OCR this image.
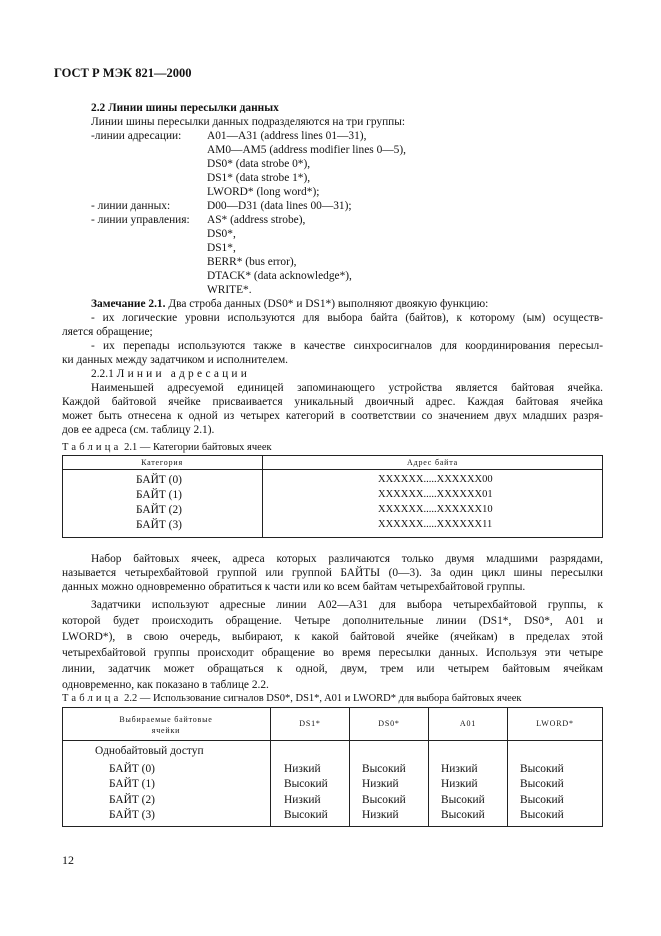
ГОСТ Р МЭК 821—2000
2.2 Линии шины пересылки данных
Линии шины пересылки данных подразделяются на три группы:
-линии адресации: A01—A31 (address lines 01—31),
AM0—AM5 (address modifier lines 0—5),
DS0* (data strobe 0*),
DS1* (data strobe 1*),
LWORD* (long word*);
- линии данных:	D00—D31 (data lines 00—31);
- линии управления: AS* (address strobe),
DS0*,
DS1*,
BERR* (bus error),
DTACK* (data acknowledge*),
WRITE*.
Замечание 2.1. Два строба данных (DS0* и DS1*) выполняют двоякую функцию:
- их логические уровни используются для выбора байта (байтов), к которому (ым) осуществ-
ляется обращение;
- их перепады используются также в качестве синхросигналов для координирования пересыл-
ки данных между задатчиком и исполнителем.
2.2.1 Линии адресации
Наименьшей адресуемой единицей запоминающего устройства является байтовая ячейка.
Каждой байтовой ячейке присваивается уникальный двоичный адрес. Каждая байтовая ячейка
может быть отнесена к одной из четырех категорий в соответствии со значением двух младших разря-
дов ее адреса (см. таблицу 2.1).
Таблица 2.1 — Категории байтовых ячеек
Категория	Адрес байта
БАЙТ (0)	XXXXXX.....XXXXXX00
БАЙТ (1)	XXXXXX.....XXXXXX01
БАЙТ (2)	XXXXXX.....XXXXXX10
БАЙТ (3)	XXXXXX.....XXXXXX11
Набор байтовых ячеек, адреса которых различаются только двумя младшими разрядами,
называется четырехбайтовой группой или группой БАЙТЫ (0—3). За один цикл шины пересылки
данных можно одновременно обратиться к части или ко всем байтам четырехбайтовой группы.
Задатчики используют адресные линии A02—A31 для выбора четырехбайтовой группы, к
которой будет происходить обращение. Четыре дополнительные линии (DS1*, DS0*, A01 и
LWORD*), в свою очередь, выбирают, к какой байтовой ячейке (ячейкам) в пределах этой
четырехбайтовой группы происходит обращение во время пересылки данных. Используя эти четыре
линии, задатчик может обращаться к одной, двум, трем или четырем байтовым ячейкам
одновременно, как показано в таблице 2.2.
Таблица 2.2 — Использование сигналов DS0*, DS1*, A01 и LWORD* для выбора байтовых ячеек
Выбираемые байтовые
ячейки
DS1*	DS0*	A01	LWORD*
Однобайтовый доступ
БАЙТ (0)	Низкий	Высокий	Низкий	Высокий
БАЙТ (1)	Высокий	Низкий	Низкий	Высокий
БАЙТ (2)	Низкий	Высокий	Высокий	Высокий
БАЙТ (3)	Высокий	Низкий	Высокий	Высокий
12
